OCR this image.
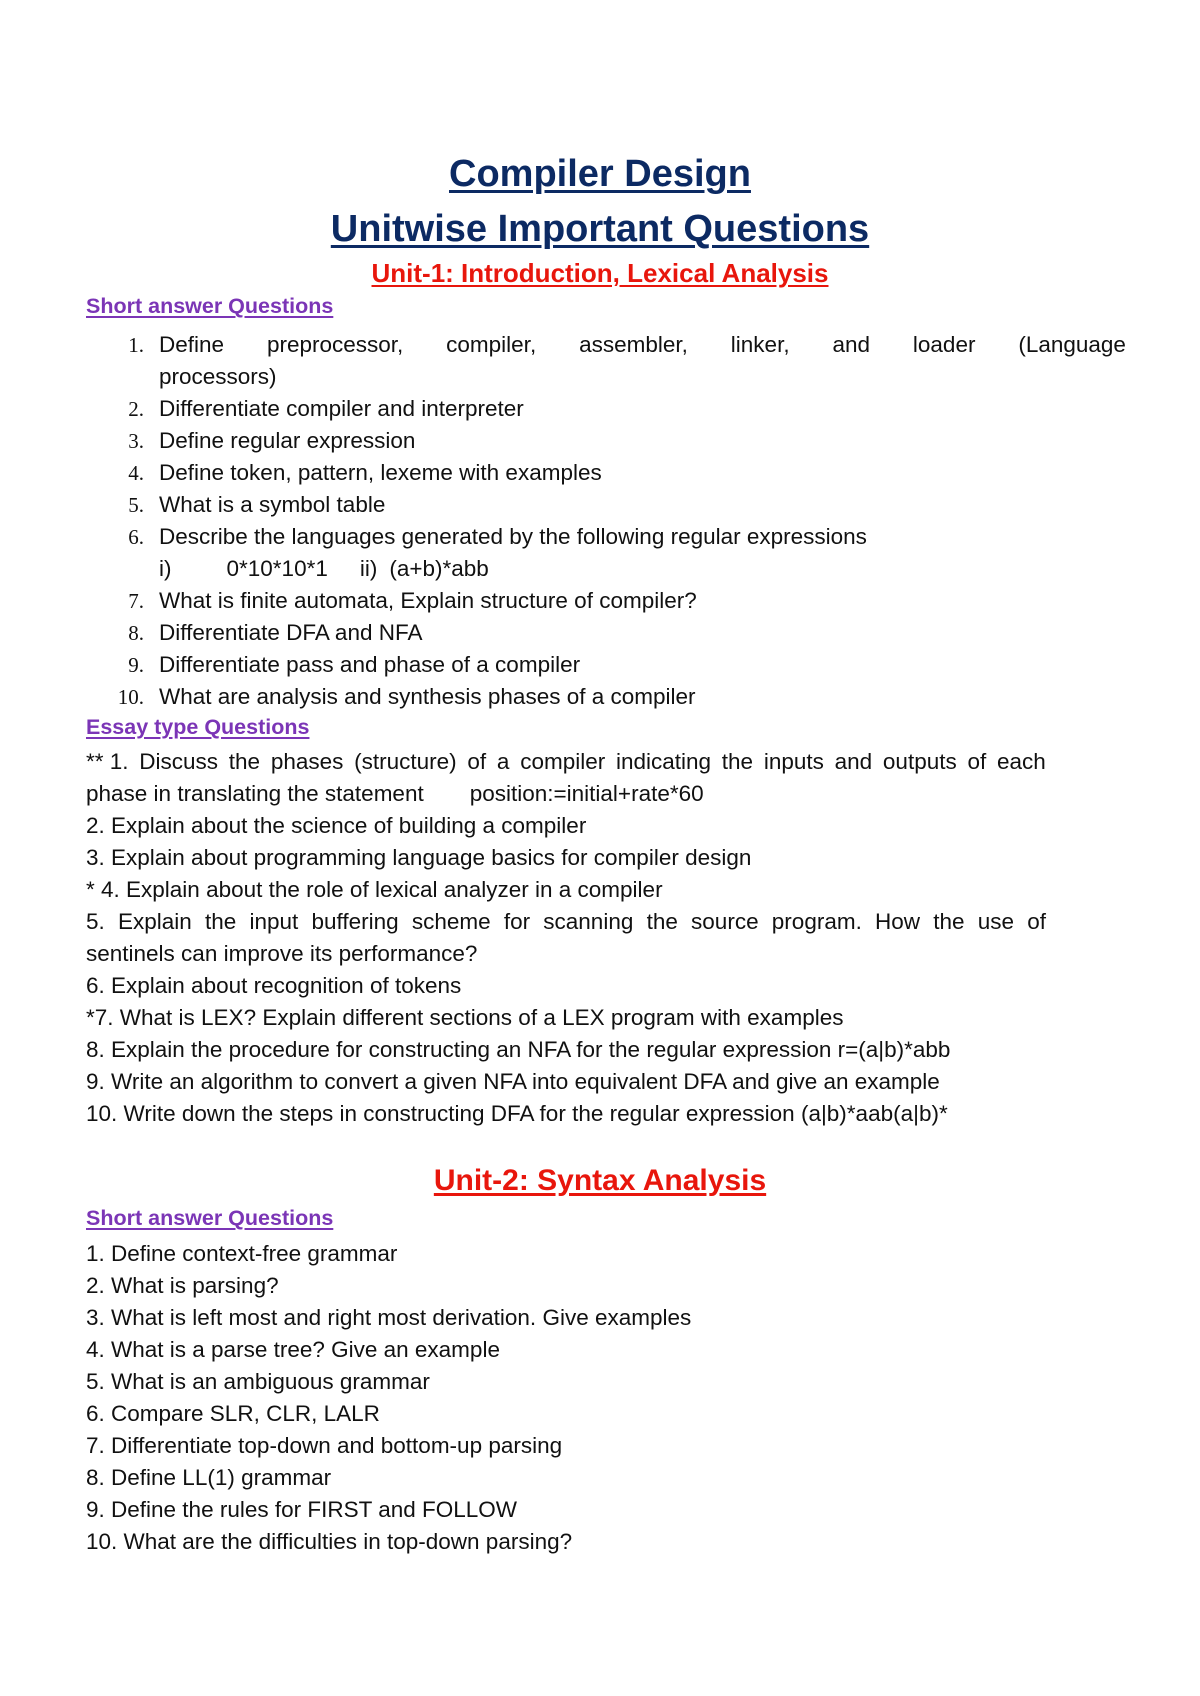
Compiler Design
Unitwise Important Questions
Unit-1: Introduction, Lexical Analysis
Short answer Questions
1. Define preprocessor, compiler, assembler, linker, and loader (Language
processors)
2. Differentiate compiler and interpreter
3. Define regular expression
4. Define token, pattern, lexeme with examples
5. What is a symbol table
6. Describe the languages generated by the following regular expressions
i) 0*10*10*1 ii) (a+b)*abb
7. What is finite automata, Explain structure of compiler?
8. Differentiate DFA and NFA
9. Differentiate pass and phase of a compiler
10. What are analysis and synthesis phases of a compiler
Essay type Questions
** 1. Discuss the phases (structure) of a compiler indicating the inputs and outputs of each
phase in translating the statement position:=initial+rate*60
2. Explain about the science of building a compiler
3. Explain about programming language basics for compiler design
* 4. Explain about the role of lexical analyzer in a compiler
5. Explain the input buffering scheme for scanning the source program. How the use of
sentinels can improve its performance?
6. Explain about recognition of tokens
*7. What is LEX? Explain different sections of a LEX program with examples
8. Explain the procedure for constructing an NFA for the regular expression r=(a|b)*abb
9. Write an algorithm to convert a given NFA into equivalent DFA and give an example
10. Write down the steps in constructing DFA for the regular expression (a|b)*aab(a|b)*
Unit-2: Syntax Analysis
Short answer Questions
1. Define context-free grammar
2. What is parsing?
3. What is left most and right most derivation. Give examples
4. What is a parse tree? Give an example
5. What is an ambiguous grammar
6. Compare SLR, CLR, LALR
7. Differentiate top-down and bottom-up parsing
8. Define LL(1) grammar
9. Define the rules for FIRST and FOLLOW
10. What are the difficulties in top-down parsing?
